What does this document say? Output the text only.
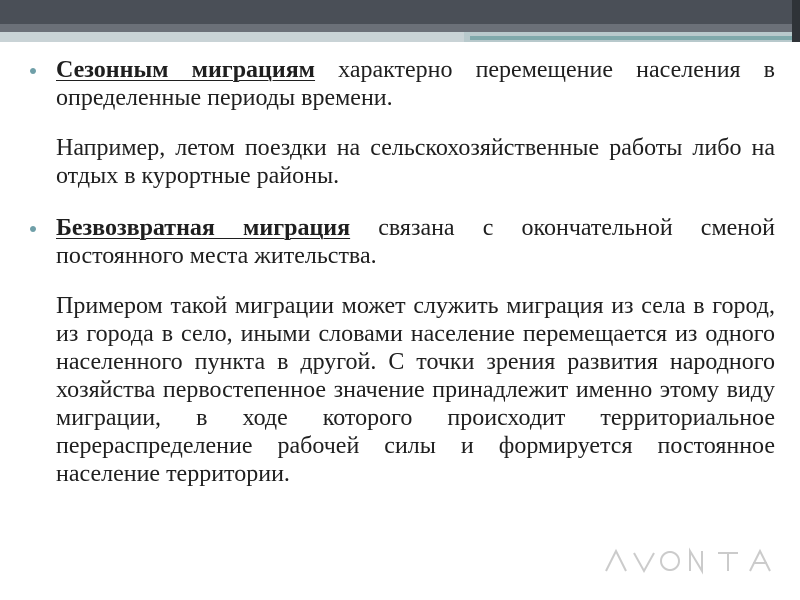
Сезонным миграциям характерно перемещение населения в определенные периоды времени.

Например, летом поездки на сельскохозяйственные работы либо на отдых в курортные районы.

Безвозвратная миграция связана с окончательной сменой постоянного места жительства.

Примером такой миграции может служить миграция из села в город, из города в село, иными словами население перемещается из одного населенного пункта в другой. С точки зрения развития народного хозяйства первостепенное значение принадлежит именно этому виду миграции, в ходе которого происходит территориальное перераспределение рабочей силы и формируется постоянное население территории.
